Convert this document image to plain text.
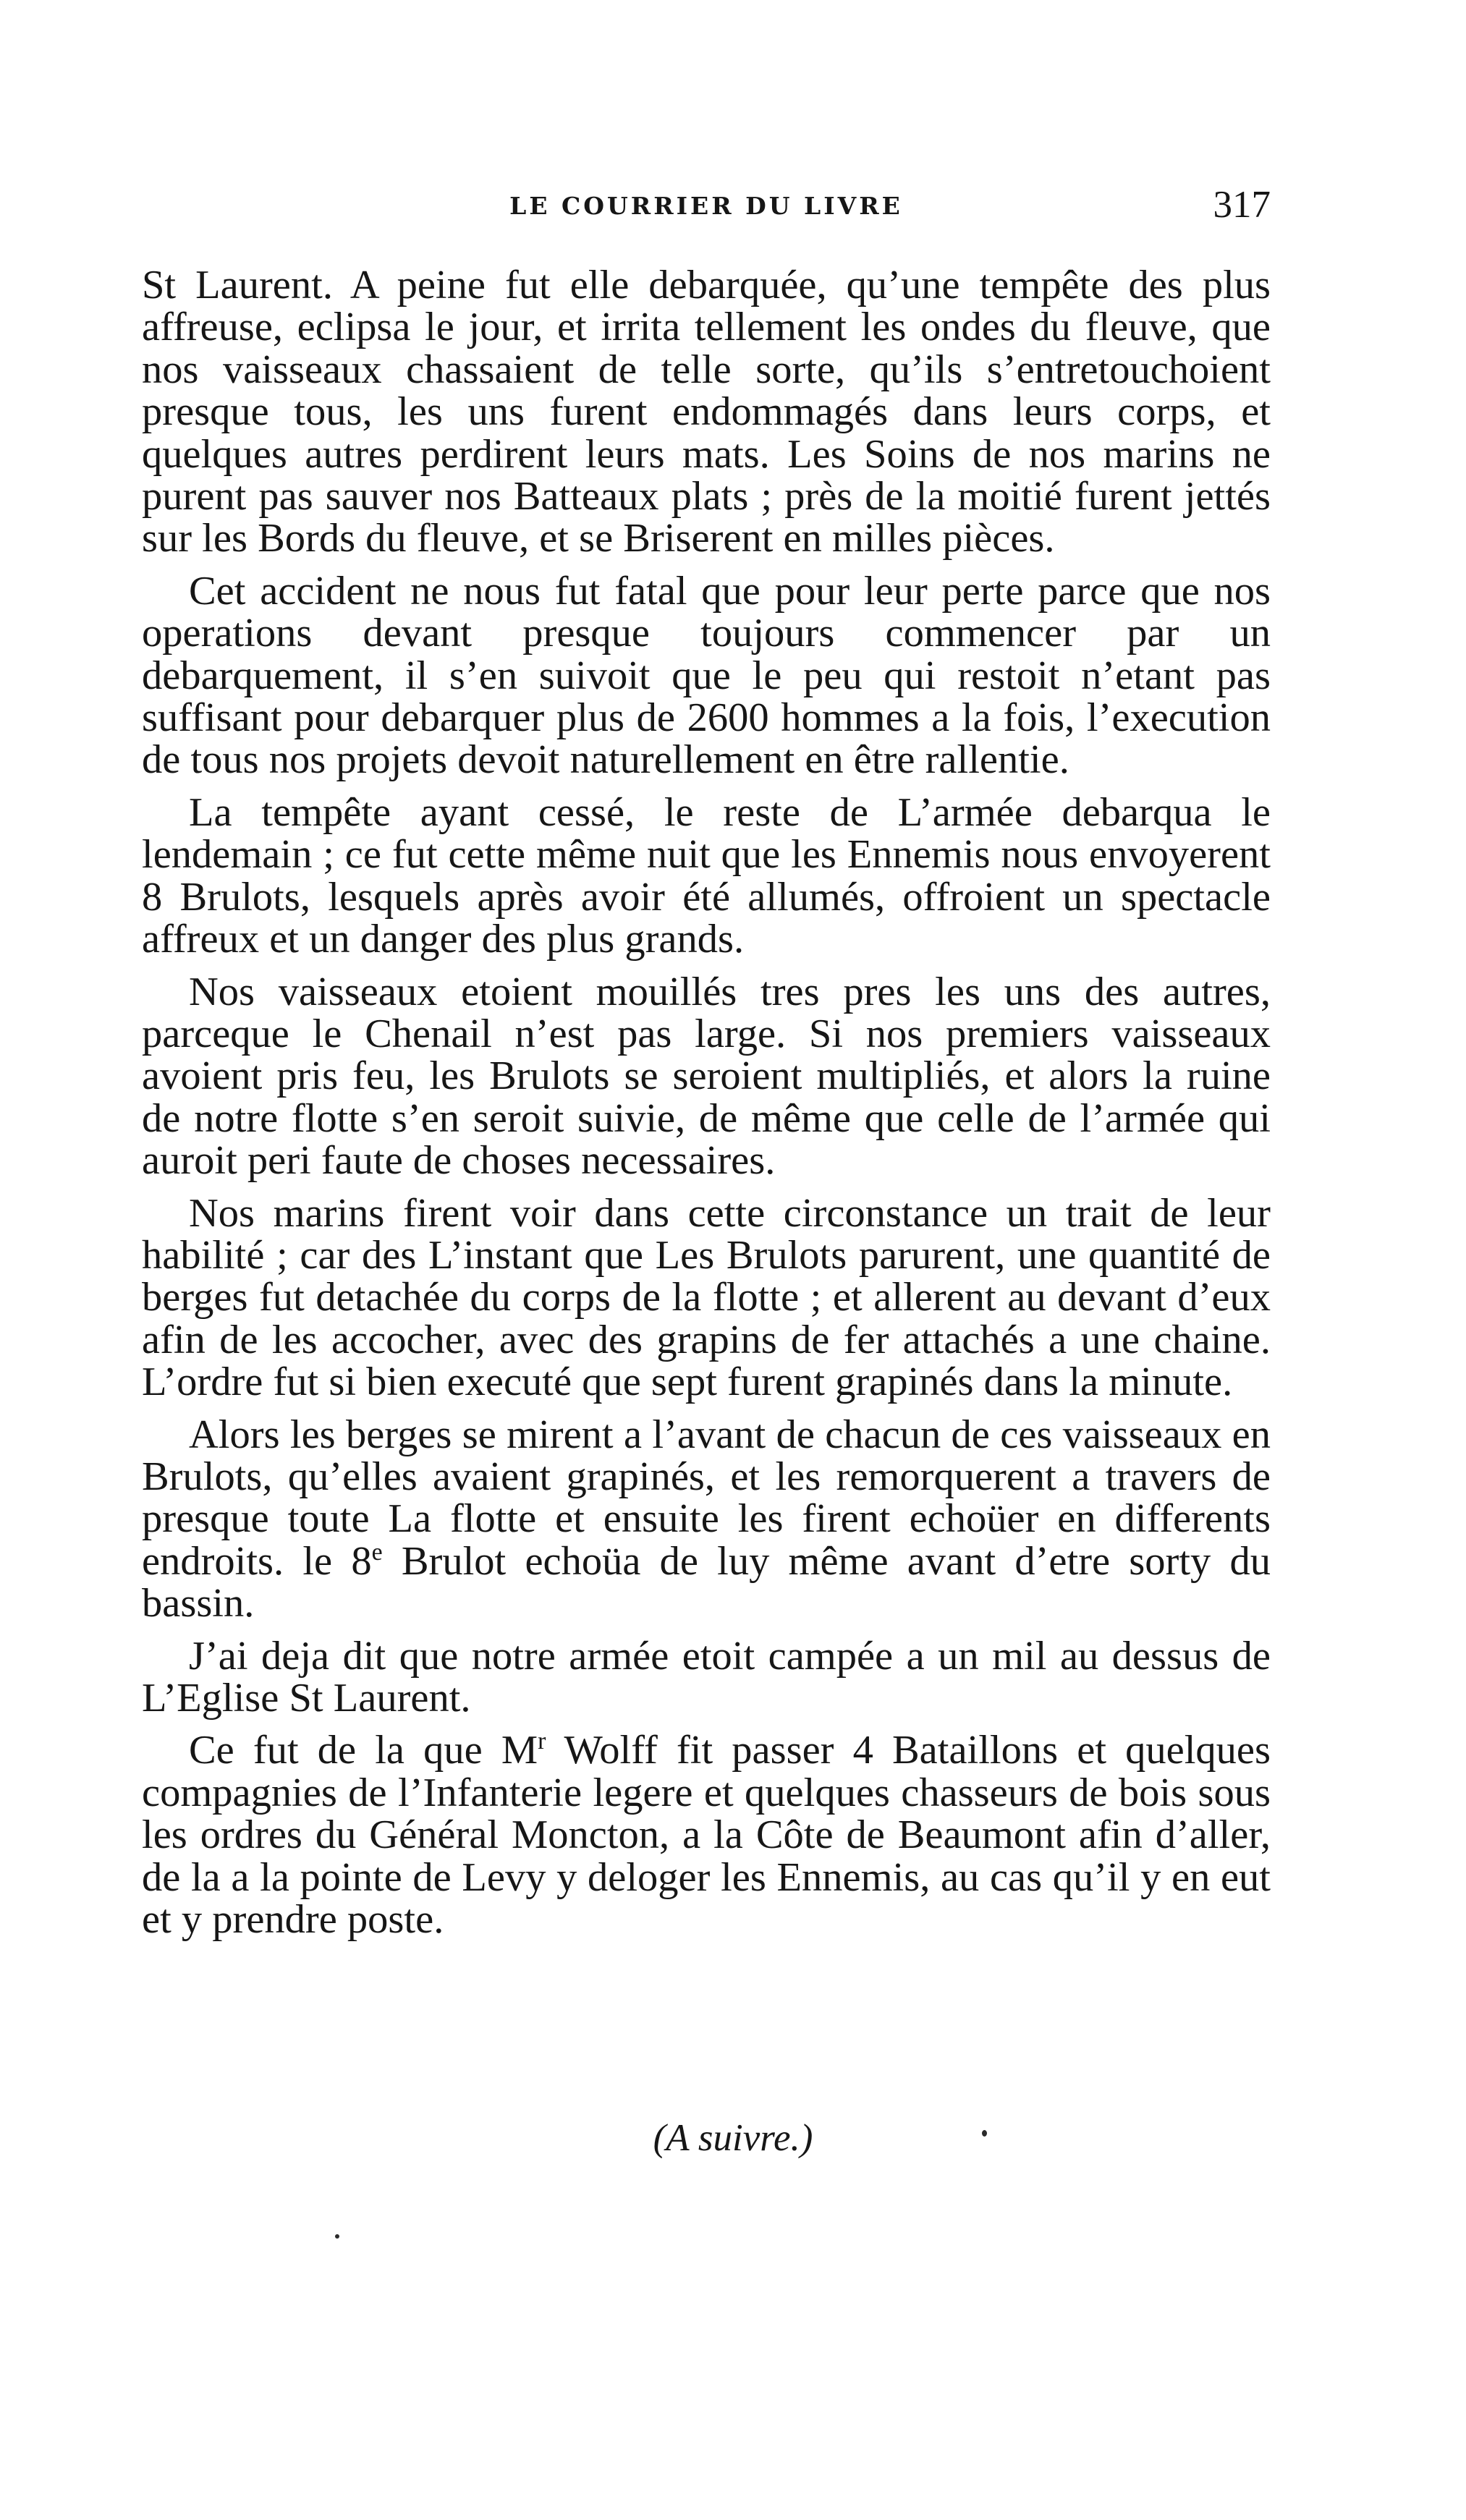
LE COURRIER DU LIVRE	317

St Laurent. A peine fut elle debarquée, qu’une tempête des plus affreuse, eclipsa le jour, et irrita tellement les ondes du fleuve, que nos vaisseaux chassaient de telle sorte, qu’ils s’entretouchoient presque tous, les uns furent endommagés dans leurs corps, et quelques autres perdirent leurs mats. Les Soins de nos marins ne purent pas sauver nos Batteaux plats ; près de la moitié furent jettés sur les Bords du fleuve, et se Briserent en milles pièces.

Cet accident ne nous fut fatal que pour leur perte parce que nos operations devant presque toujours commencer par un debarquement, il s’en suivoit que le peu qui restoit n’etant pas suffisant pour debarquer plus de 2600 hommes a la fois, l’execution de tous nos projets devoit naturellement en être rallentie.

La tempête ayant cessé, le reste de L’armée debarqua le lendemain ; ce fut cette même nuit que les Ennemis nous envoyerent 8 Brulots, lesquels après avoir été allumés, offroient un spectacle affreux et un danger des plus grands.

Nos vaisseaux etoient mouillés tres pres les uns des autres, parceque le Chenail n’est pas large. Si nos premiers vaisseaux avoient pris feu, les Brulots se seroient multipliés, et alors la ruine de notre flotte s’en seroit suivie, de même que celle de l’armée qui auroit peri faute de choses necessaires.

Nos marins firent voir dans cette circonstance un trait de leur habilité ; car des L’instant que Les Brulots parurent, une quantité de berges fut detachée du corps de la flotte ; et allerent au devant d’eux afin de les accocher, avec des grapins de fer attachés a une chaine. L’ordre fut si bien executé que sept furent grapinés dans la minute.

Alors les berges se mirent a l’avant de chacun de ces vaisseaux en Brulots, qu’elles avaient grapinés, et les remorquerent a travers de presque toute La flotte et ensuite les firent echoüer en differents endroits. le 8e Brulot echoüa de luy même avant d’etre sorty du bassin.

J’ai deja dit que notre armée etoit campée a un mil au dessus de L’Eglise St Laurent.

Ce fut de la que $M^r$ Wolff fit passer 4 Bataillons et quelques compagnies de l’Infanterie legere et quelques chasseurs de bois sous les ordres du Général Moncton, a la Côte de Beaumont afin d’aller, de la a la pointe de Levy y deloger les Ennemis, au cas qu’il y en eut et y prendre poste.

(A suivre.)
